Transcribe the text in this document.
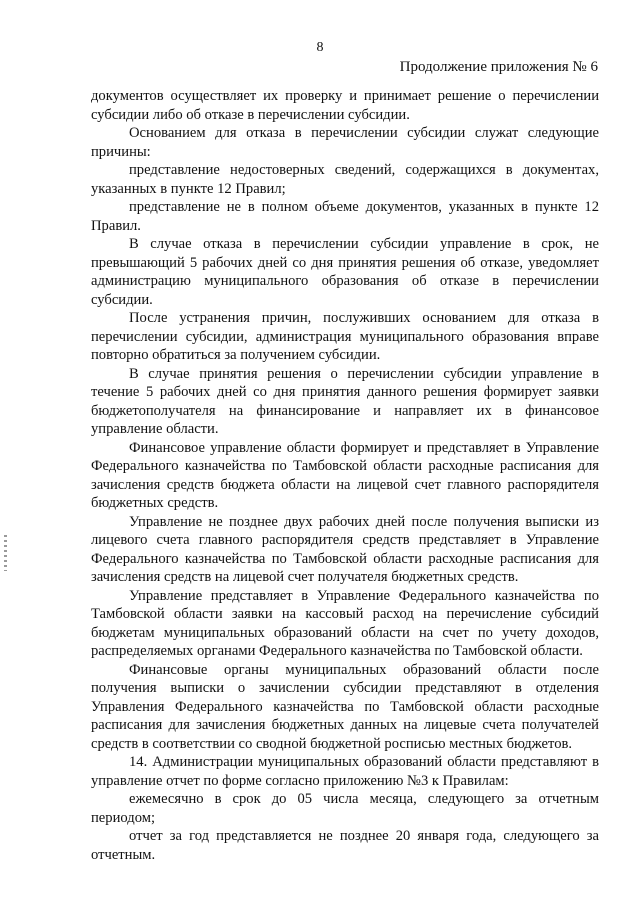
8
Продолжение приложения № 6

документов осуществляет их проверку и принимает решение о перечислении субсидии либо об отказе в перечислении субсидии.

Основанием для отказа в перечислении субсидии служат следующие причины:

представление недостоверных сведений, содержащихся в документах, указанных в пункте 12 Правил;

представление не в полном объеме документов, указанных в пункте 12 Правил.

В случае отказа в перечислении субсидии управление в срок, не превышающий 5 рабочих дней со дня принятия решения об отказе, уведомляет администрацию муниципального образования об отказе в перечислении субсидии.

После устранения причин, послуживших основанием для отказа в перечислении субсидии, администрация муниципального образования вправе повторно обратиться за получением субсидии.

В случае принятия решения о перечислении субсидии управление в течение 5 рабочих дней со дня принятия данного решения формирует заявки бюджетополучателя на финансирование и направляет их в финансовое управление области.

Финансовое управление области формирует и представляет в Управление Федерального казначейства по Тамбовской области расходные расписания для зачисления средств бюджета области на лицевой счет главного распорядителя бюджетных средств.

Управление не позднее двух рабочих дней после получения выписки из лицевого счета главного распорядителя средств представляет в Управление Федерального казначейства по Тамбовской области расходные расписания для зачисления средств на лицевой счет получателя бюджетных средств.

Управление представляет в Управление Федерального казначейства по Тамбовской области заявки на кассовый расход на перечисление субсидий бюджетам муниципальных образований области на счет по учету доходов, распределяемых органами Федерального казначейства по Тамбовской области.

Финансовые органы муниципальных образований области после получения выписки о зачислении субсидии представляют в отделения Управления Федерального казначейства по Тамбовской области расходные расписания для зачисления бюджетных данных на лицевые счета получателей средств в соответствии со сводной бюджетной росписью местных бюджетов.

14. Администрации муниципальных образований области представляют в управление отчет по форме согласно приложению №3 к Правилам:

ежемесячно в срок до 05 числа месяца, следующего за отчетным периодом;

отчет за год представляется не позднее 20 января года, следующего за отчетным.
